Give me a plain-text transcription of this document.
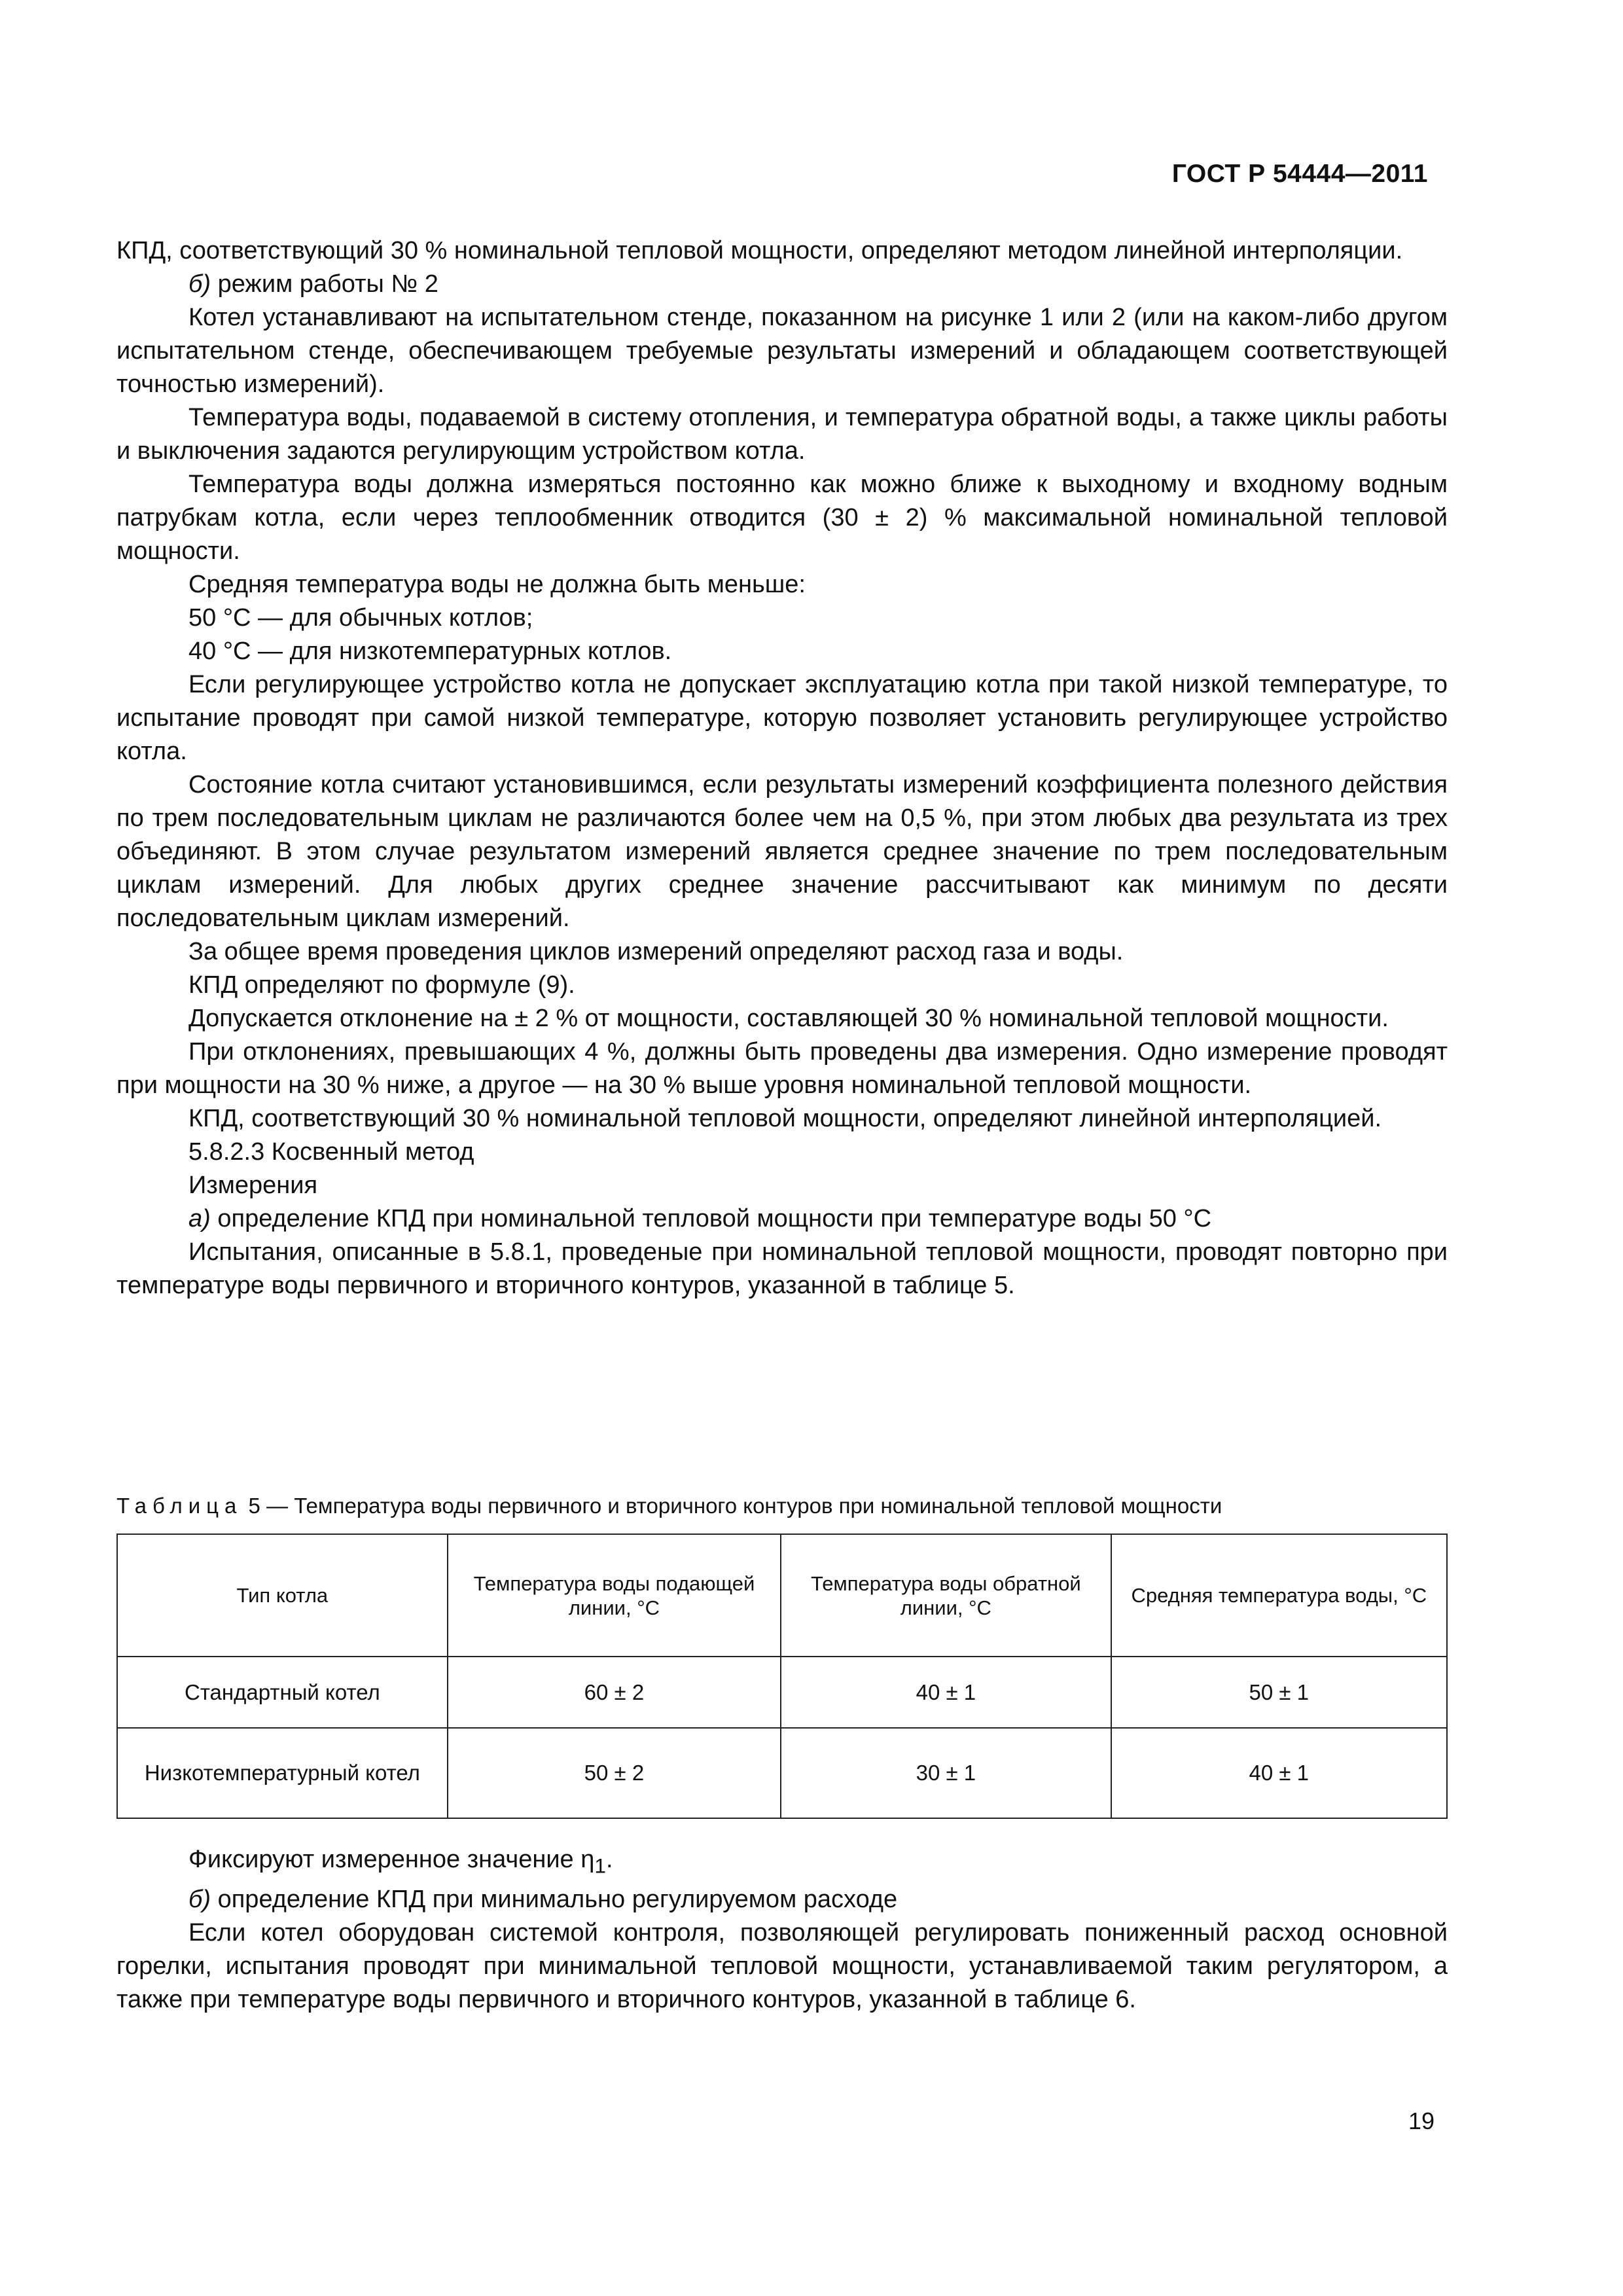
ГОСТ Р 54444—2011

КПД, соответствующий 30 % номинальной тепловой мощности, определяют методом линейной интерполяции.

б) режим работы № 2

Котел устанавливают на испытательном стенде, показанном на рисунке 1 или 2 (или на каком-либо другом испытательном стенде, обеспечивающем требуемые результаты измерений и обладающем соответствующей точностью измерений).

Температура воды, подаваемой в систему отопления, и температура обратной воды, а также циклы работы и выключения задаются регулирующим устройством котла.

Температура воды должна измеряться постоянно как можно ближе к выходному и входному водным патрубкам котла, если через теплообменник отводится (30 ± 2) % максимальной номинальной тепловой мощности.

Средняя температура воды не должна быть меньше:

50 °С — для обычных котлов;

40 °С — для низкотемпературных котлов.

Если регулирующее устройство котла не допускает эксплуатацию котла при такой низкой температуре, то испытание проводят при самой низкой температуре, которую позволяет установить регулирующее устройство котла.

Состояние котла считают установившимся, если результаты измерений коэффициента полезного действия по трем последовательным циклам не различаются более чем на 0,5 %, при этом любых два результата из трех объединяют. В этом случае результатом измерений является среднее значение по трем последовательным циклам измерений. Для любых других среднее значение рассчитывают как минимум по десяти последовательным циклам измерений.

За общее время проведения циклов измерений определяют расход газа и воды.

КПД определяют по формуле (9).

Допускается отклонение на ± 2 % от мощности, составляющей 30 % номинальной тепловой мощности.

При отклонениях, превышающих 4 %, должны быть проведены два измерения. Одно измерение проводят при мощности на 30 % ниже, а другое — на 30 % выше уровня номинальной тепловой мощности.

КПД, соответствующий 30 % номинальной тепловой мощности, определяют линейной интерполяцией.

5.8.2.3 Косвенный метод

Измерения

а) определение КПД при номинальной тепловой мощности при температуре воды 50 °С

Испытания, описанные в 5.8.1, проведеные при номинальной тепловой мощности, проводят повторно при температуре воды первичного и вторичного контуров, указанной в таблице 5.

Таблица 5 — Температура воды первичного и вторичного контуров при номинальной тепловой мощности
Тип котла	Температура воды подающей линии, °С	Температура воды обратной линии, °С	Средняя температура воды, °С
Стандартный котел	60 ± 2	40 ± 1	50 ± 1
Низкотемпературный котел	50 ± 2	30 ± 1	40 ± 1

Фиксируют измеренное значение $\eta_1$.

б) определение КПД при минимально регулируемом расходе

Если котел оборудован системой контроля, позволяющей регулировать пониженный расход основной горелки, испытания проводят при минимальной тепловой мощности, устанавливаемой таким регулятором, а также при температуре воды первичного и вторичного контуров, указанной в таблице 6.

19
